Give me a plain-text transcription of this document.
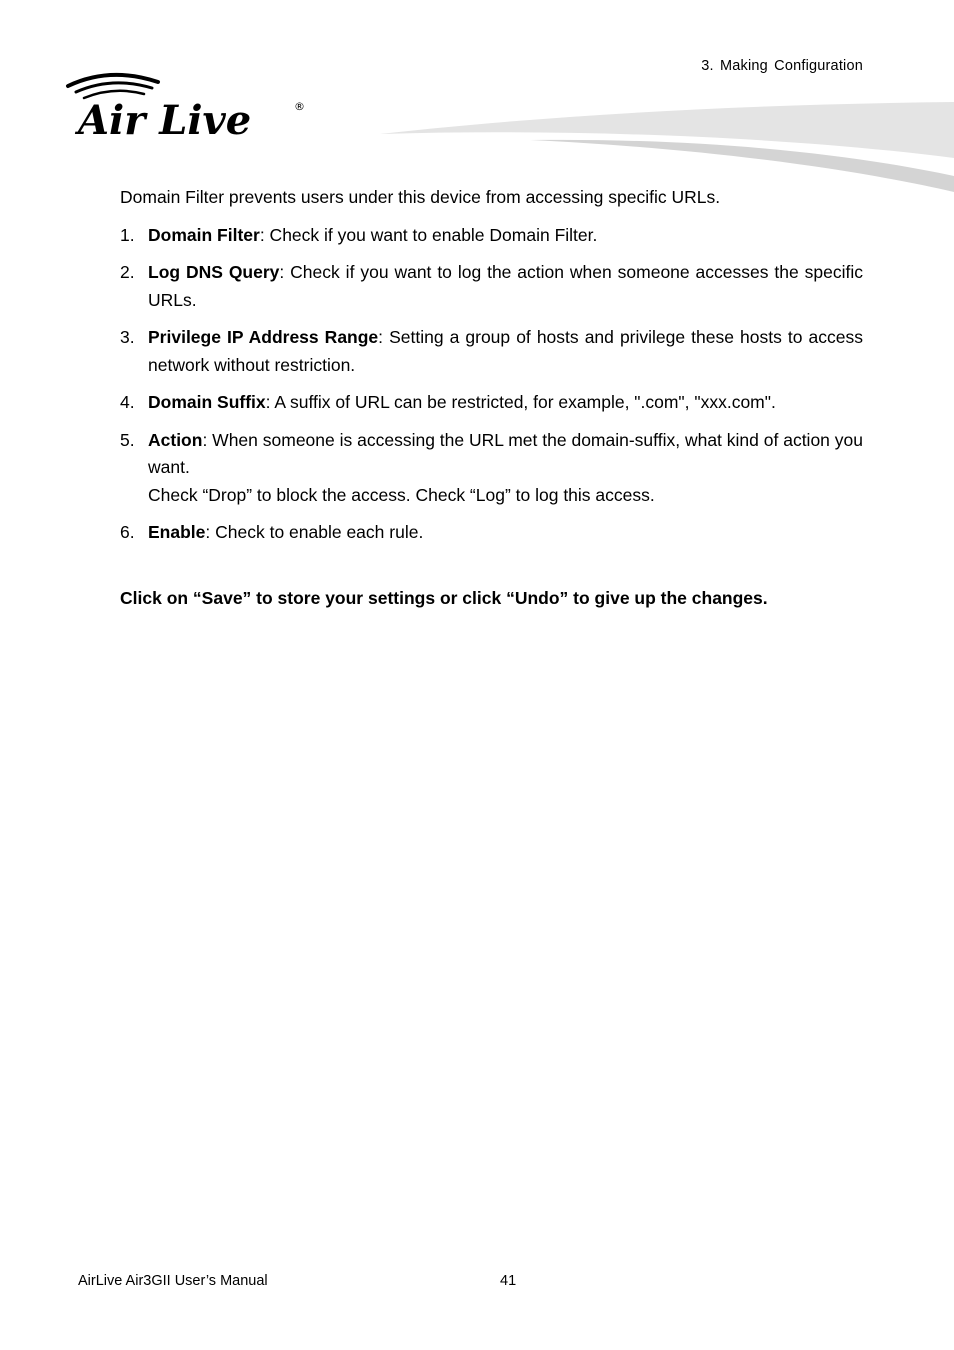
3. Making Configuration
Air Live	®

Domain Filter prevents users under this device from accessing specific URLs.

1. Domain Filter: Check if you want to enable Domain Filter.
2. Log DNS Query: Check if you want to log the action when someone accesses the specific URLs.
3. Privilege IP Address Range: Setting a group of hosts and privilege these hosts to access network without restriction.
4. Domain Suffix: A suffix of URL can be restricted, for example, ".com", "xxx.com".
5. Action: When someone is accessing the URL met the domain-suffix, what kind of action you want.
Check “Drop” to block the access. Check “Log” to log this access.
6. Enable: Check to enable each rule.

Click on “Save” to store your settings or click “Undo” to give up the changes.

AirLive Air3GII User’s Manual	41
